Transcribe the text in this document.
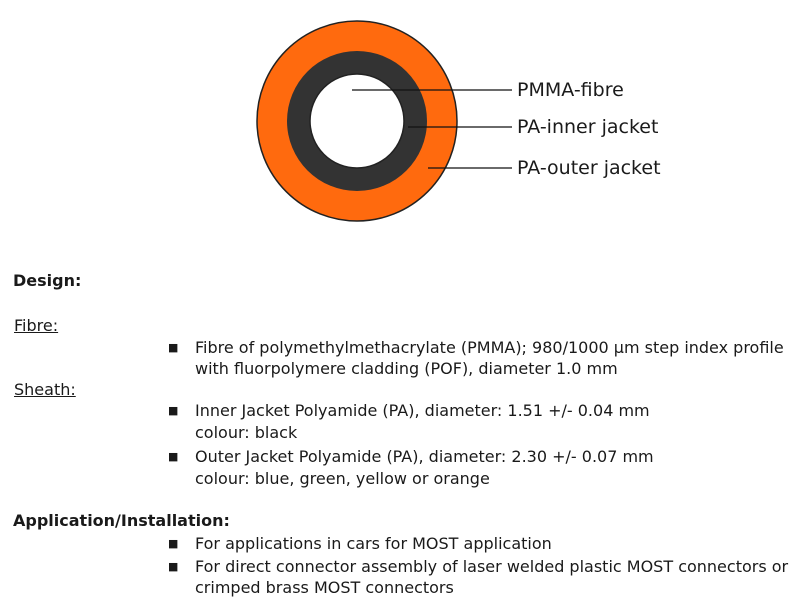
PMMA-fibre
PA-inner jacket
PA-outer jacket
Design:
Fibre:
■ Fibre of polymethylmethacrylate (PMMA); 980/1000 µm step index profile
with fluorpolymere cladding (POF), diameter 1.0 mm
Sheath:
■ Inner Jacket Polyamide (PA), diameter: 1.51 +/- 0.04 mm
colour: black
■ Outer Jacket Polyamide (PA), diameter: 2.30 +/- 0.07 mm
colour: blue, green, yellow or orange
Application/Installation:
■ For applications in cars for MOST application
■ For direct connector assembly of laser welded plastic MOST connectors or
crimped brass MOST connectors
